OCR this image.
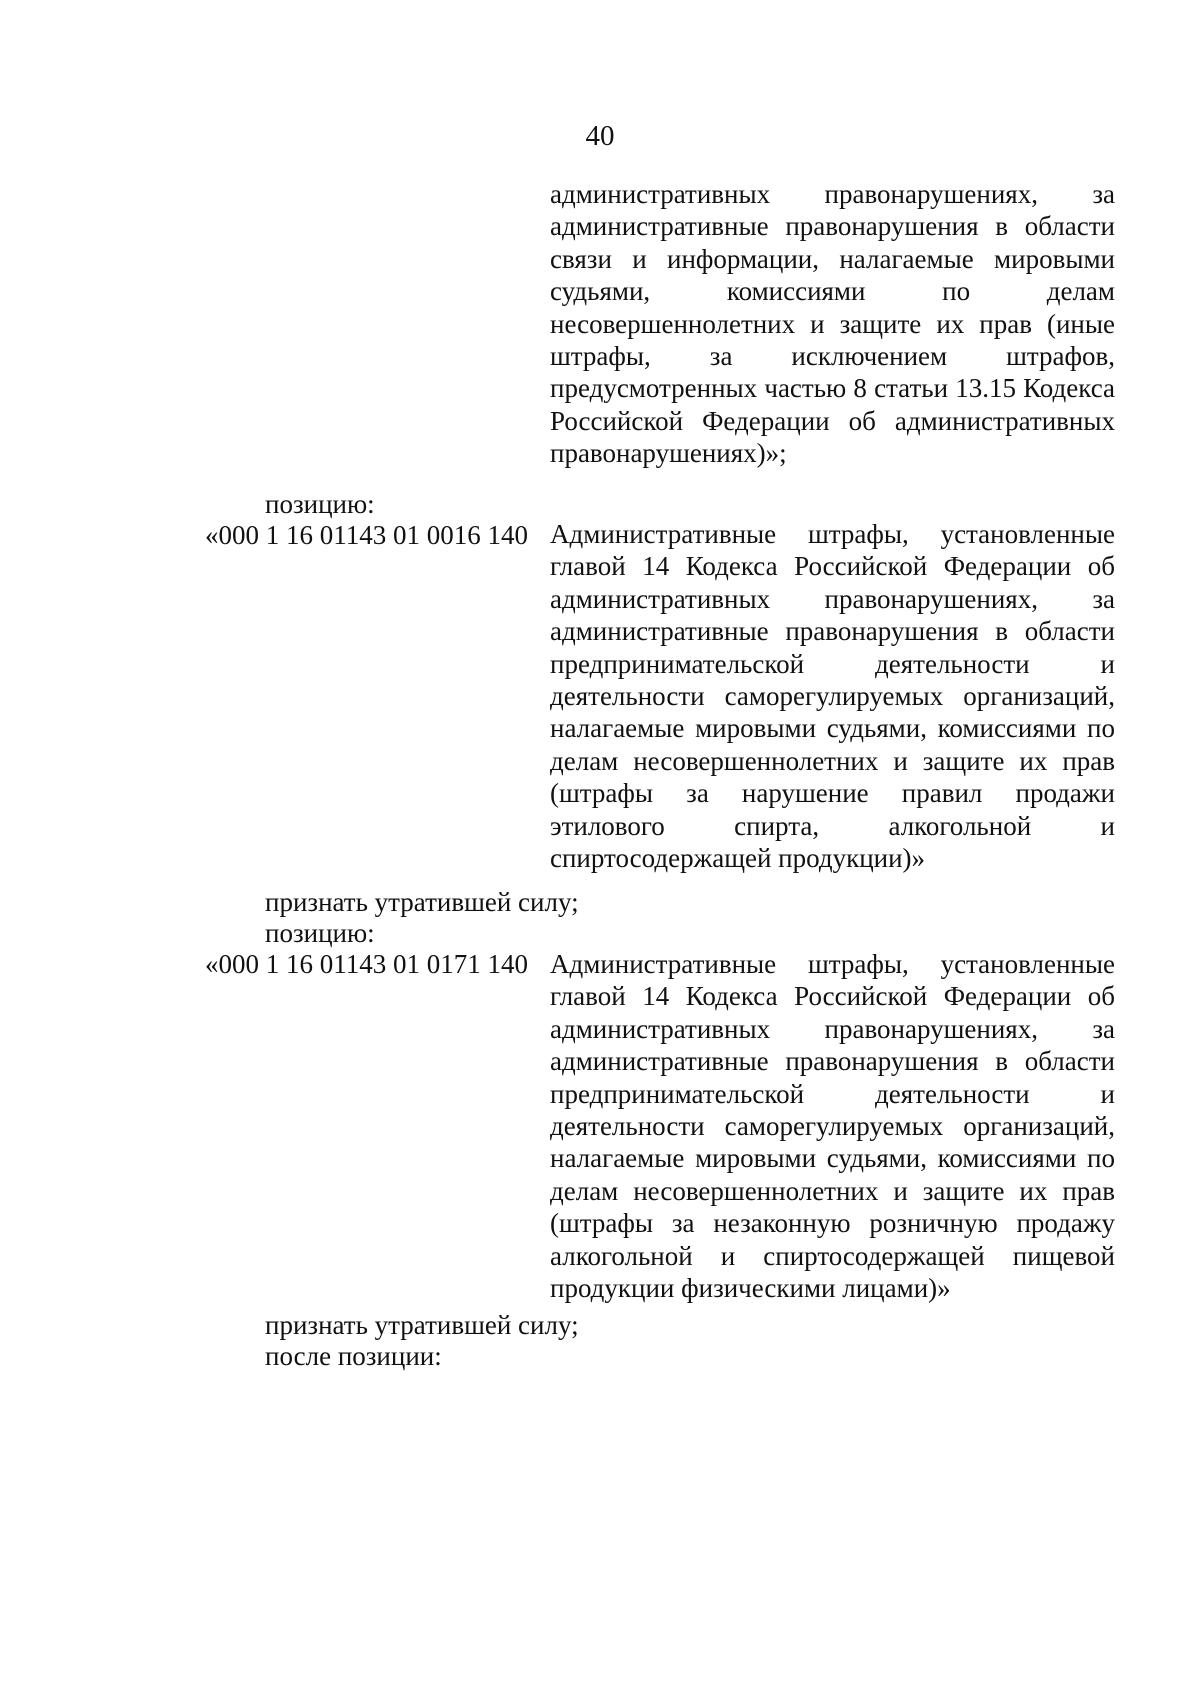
40
административных правонарушениях, за административные правонарушения в области связи и информации, налагаемые мировыми судьями, комиссиями по делам несовершеннолетних и защите их прав (иные штрафы, за исключением штрафов, предусмотренных частью 8 статьи 13.15 Кодекса Российской Федерации об административных правонарушениях)»;
позицию:
«000 1 16 01143 01 0016 140 Административные штрафы, установленные главой 14 Кодекса Российской Федерации об административных правонарушениях, за административные правонарушения в области предпринимательской деятельности и деятельности саморегулируемых организаций, налагаемые мировыми судьями, комиссиями по делам несовершеннолетних и защите их прав (штрафы за нарушение правил продажи этилового спирта, алкогольной и спиртосодержащей продукции)»
признать утратившей силу;
позицию:
«000 1 16 01143 01 0171 140 Административные штрафы, установленные главой 14 Кодекса Российской Федерации об административных правонарушениях, за административные правонарушения в области предпринимательской деятельности и деятельности саморегулируемых организаций, налагаемые мировыми судьями, комиссиями по делам несовершеннолетних и защите их прав (штрафы за незаконную розничную продажу алкогольной и спиртосодержащей пищевой продукции физическими лицами)»
признать утратившей силу;
после позиции:
